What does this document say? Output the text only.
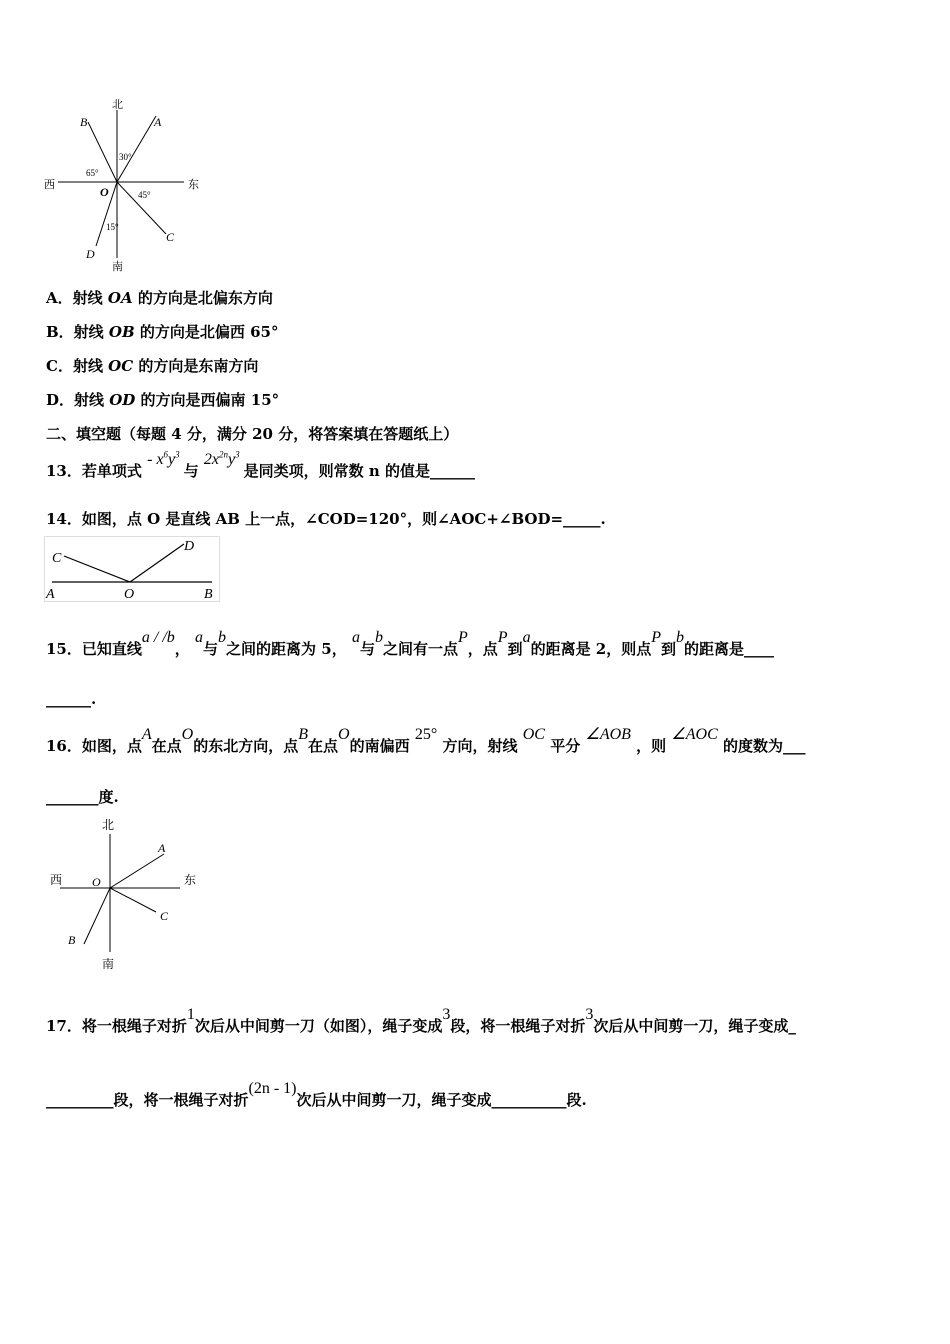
北
南
西	东
A
B
C
D
O
65°
30°
45°
15°
A．射线 OA 的方向是北偏东方向
B．射线 OB 的方向是北偏西 65°
C．射线 OC 的方向是东南方向
D．射线 OD 的方向是西偏南 15°
二、填空题（每题 4 分，满分 20 分，将答案填在答题纸上）
13．若单项式 - $x^6y^3$ 与 $2x^{2n}y^3$ 是同类项，则常数 n 的值是______
14．如图，点 O 是直线 AB 上一点，∠COD=120°，则∠AOC+∠BOD=_____.
C
D
A	O	B
15．已知直线a / /b， a与b之间的距离为 5， a与b之间有一点P，点P到a的距离是 2，则点P到b的距离是____
______.
16．如图，点A在点O的东北方向，点B在点O的南偏西 25° 方向，射线 OC 平分 ∠AOB ，则 ∠AOC 的度数为___
_______度.
北
南
西	东
A
C
B
O
17．将一根绳子对折1次后从中间剪一刀（如图），绳子变成3段，将一根绳子对折3次后从中间剪一刀，绳子变成_
_________段，将一根绳子对折(2n - 1)次后从中间剪一刀，绳子变成__________段.
